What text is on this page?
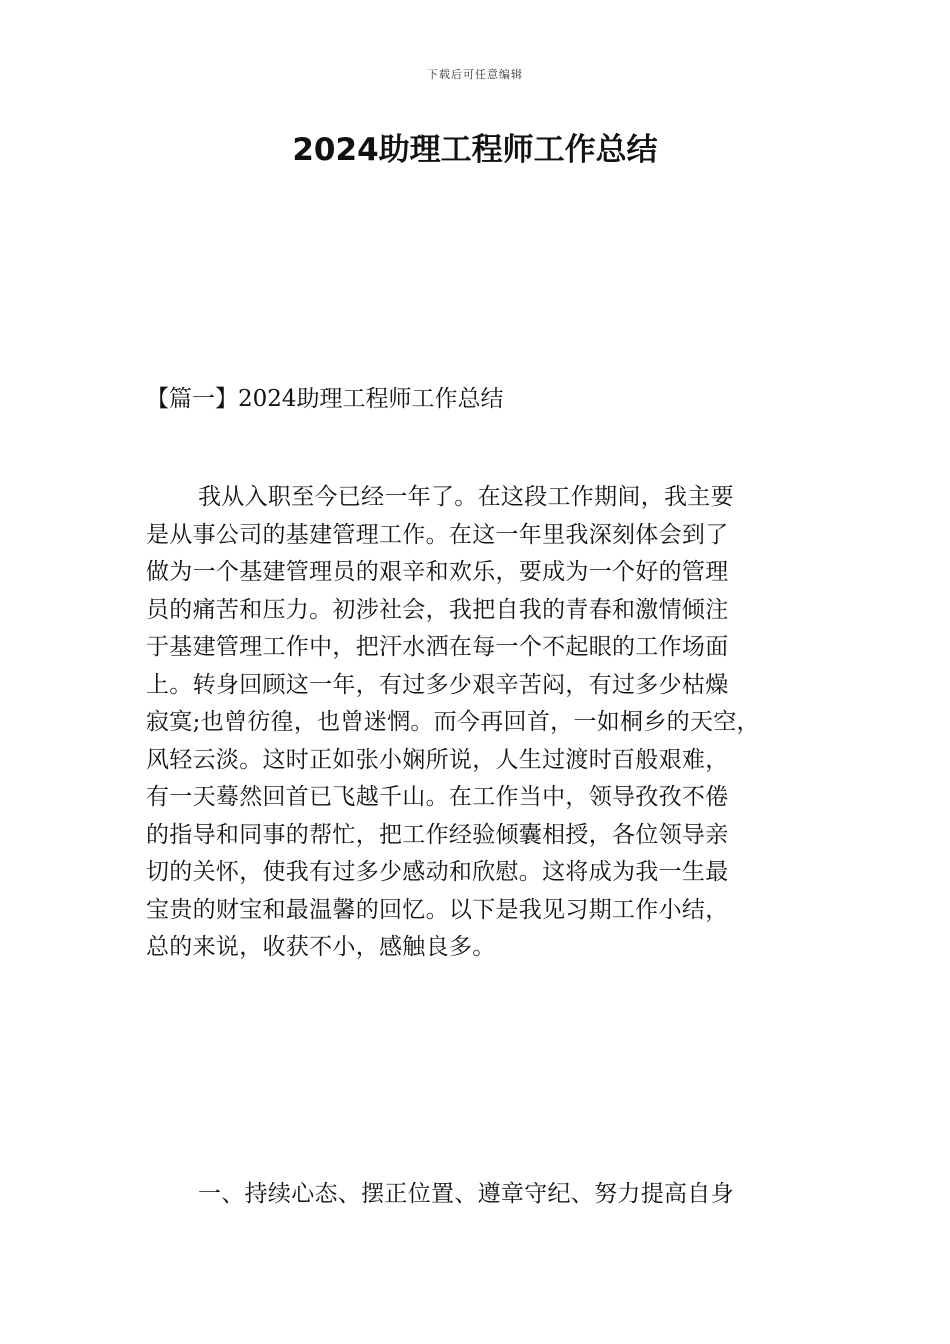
下载后可任意编辑
2024助理工程师工作总结
【篇一】2024助理工程师工作总结
我从入职至今已经一年了。在这段工作期间，我主要
是从事公司的基建管理工作。在这一年里我深刻体会到了
做为一个基建管理员的艰辛和欢乐，要成为一个好的管理
员的痛苦和压力。初涉社会，我把自我的青春和激情倾注
于基建管理工作中，把汗水洒在每一个不起眼的工作场面
上。转身回顾这一年，有过多少艰辛苦闷，有过多少枯燥
寂寞;也曾彷徨，也曾迷惘。而今再回首，一如桐乡的天空，
风轻云淡。这时正如张小娴所说，人生过渡时百般艰难，
有一天蓦然回首已飞越千山。在工作当中，领导孜孜不倦
的指导和同事的帮忙，把工作经验倾囊相授，各位领导亲
切的关怀，使我有过多少感动和欣慰。这将成为我一生最
宝贵的财宝和最温馨的回忆。以下是我见习期工作小结，
总的来说，收获不小，感触良多。
一、持续心态、摆正位置、遵章守纪、努力提高自身
